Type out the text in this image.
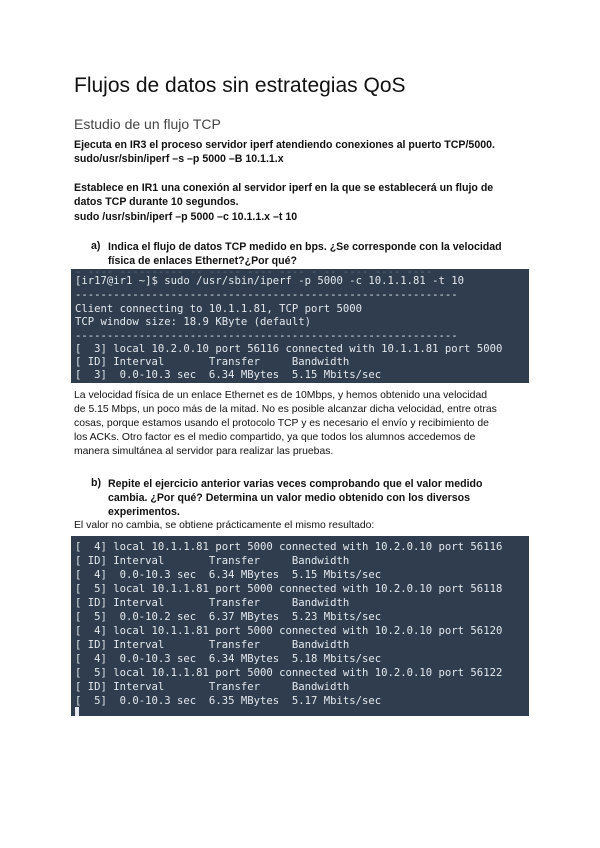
Flujos de datos sin estrategias QoS
Estudio de un flujo TCP
Ejecuta en IR3 el proceso servidor iperf atendiendo conexiones al puerto TCP/5000.
sudo/usr/sbin/iperf –s –p 5000 –B 10.1.1.x
Establece en IR1 una conexión al servidor iperf en la que se establecerá un flujo de
datos TCP durante 10 segundos.
sudo /usr/sbin/iperf –p 5000 –c 10.1.1.x –t 10
a) Indica el flujo de datos TCP medido en bps. ¿Se corresponde con la velocidad
física de enlaces Ethernet?¿Por qué?
- ---- ---------- -- ----- ---- ---- - -- ---- ---- ----
[ir17@ir1 ~]$ sudo /usr/sbin/iperf -p 5000 -c 10.1.1.81 -t 10
------------------------------------------------------------
Client connecting to 10.1.1.81, TCP port 5000
TCP window size: 18.9 KByte (default)
------------------------------------------------------------
[  3] local 10.2.0.10 port 56116 connected with 10.1.1.81 port 5000
[ ID] Interval       Transfer     Bandwidth
[  3]  0.0-10.3 sec  6.34 MBytes  5.15 Mbits/sec
La velocidad física de un enlace Ethernet es de 10Mbps, y hemos obtenido una velocidad
de 5.15 Mbps, un poco más de la mitad. No es posible alcanzar dicha velocidad, entre otras
cosas, porque estamos usando el protocolo TCP y es necesario el envío y recibimiento de
los ACKs. Otro factor es el medio compartido, ya que todos los alumnos accedemos de
manera simultánea al servidor para realizar las pruebas.
b) Repite el ejercicio anterior varias veces comprobando que el valor medido
cambia. ¿Por qué? Determina un valor medio obtenido con los diversos
experimentos.
El valor no cambia, se obtiene prácticamente el mismo resultado:
[  4] local 10.1.1.81 port 5000 connected with 10.2.0.10 port 56116
[ ID] Interval       Transfer     Bandwidth
[  4]  0.0-10.3 sec  6.34 MBytes  5.15 Mbits/sec
[  5] local 10.1.1.81 port 5000 connected with 10.2.0.10 port 56118
[ ID] Interval       Transfer     Bandwidth
[  5]  0.0-10.2 sec  6.37 MBytes  5.23 Mbits/sec
[  4] local 10.1.1.81 port 5000 connected with 10.2.0.10 port 56120
[ ID] Interval       Transfer     Bandwidth
[  4]  0.0-10.3 sec  6.34 MBytes  5.18 Mbits/sec
[  5] local 10.1.1.81 port 5000 connected with 10.2.0.10 port 56122
[ ID] Interval       Transfer     Bandwidth
[  5]  0.0-10.3 sec  6.35 MBytes  5.17 Mbits/sec
